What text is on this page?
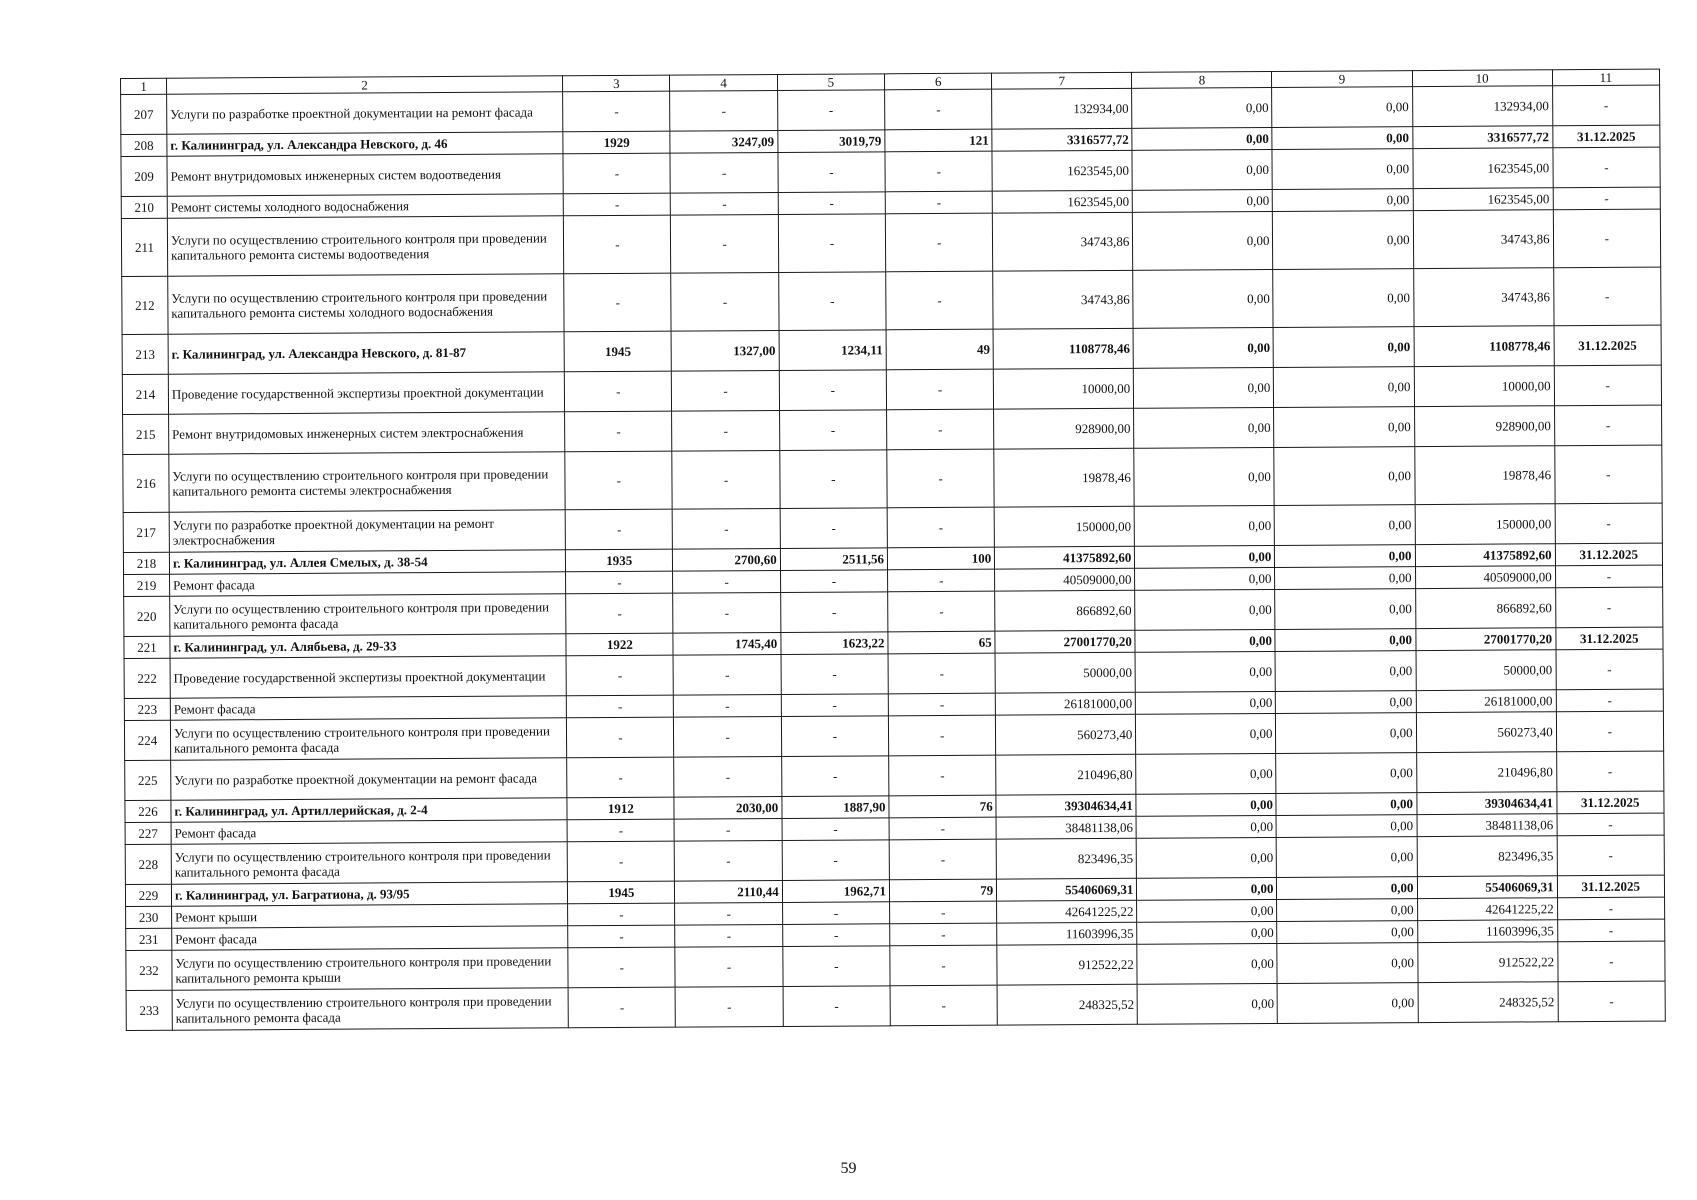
1	2	3	4	5	6	7	8	9	10	11
207	Услуги по разработке проектной документации на ремонт фасада	-	-	-	-	132934,00	0,00	0,00	132934,00	-
208	г. Калининград, ул. Александра Невского, д. 46	1929	3247,09	3019,79	121	3316577,72	0,00	0,00	3316577,72	31.12.2025
209	Ремонт внутридомовых инженерных систем водоотведения	-	-	-	-	1623545,00	0,00	0,00	1623545,00	-
210	Ремонт системы холодного водоснабжения	-	-	-	-	1623545,00	0,00	0,00	1623545,00	-
211	Услуги по осуществлению строительного контроля при проведении капитального ремонта системы водоотведения	-	-	-	-	34743,86	0,00	0,00	34743,86	-
212	Услуги по осуществлению строительного контроля при проведении капитального ремонта системы холодного водоснабжения	-	-	-	-	34743,86	0,00	0,00	34743,86	-
213	г. Калининград, ул. Александра Невского, д. 81-87	1945	1327,00	1234,11	49	1108778,46	0,00	0,00	1108778,46	31.12.2025
214	Проведение государственной экспертизы проектной документации	-	-	-	-	10000,00	0,00	0,00	10000,00	-
215	Ремонт внутридомовых инженерных систем электроснабжения	-	-	-	-	928900,00	0,00	0,00	928900,00	-
216	Услуги по осуществлению строительного контроля при проведении капитального ремонта системы электроснабжения	-	-	-	-	19878,46	0,00	0,00	19878,46	-
217	Услуги по разработке проектной документации на ремонт электроснабжения	-	-	-	-	150000,00	0,00	0,00	150000,00	-
218	г. Калининград, ул. Аллея Смелых, д. 38-54	1935	2700,60	2511,56	100	41375892,60	0,00	0,00	41375892,60	31.12.2025
219	Ремонт фасада	-	-	-	-	40509000,00	0,00	0,00	40509000,00	-
220	Услуги по осуществлению строительного контроля при проведении капитального ремонта фасада	-	-	-	-	866892,60	0,00	0,00	866892,60	-
221	г. Калининград, ул. Алябьева, д. 29-33	1922	1745,40	1623,22	65	27001770,20	0,00	0,00	27001770,20	31.12.2025
222	Проведение государственной экспертизы проектной документации	-	-	-	-	50000,00	0,00	0,00	50000,00	-
223	Ремонт фасада	-	-	-	-	26181000,00	0,00	0,00	26181000,00	-
224	Услуги по осуществлению строительного контроля при проведении капитального ремонта фасада	-	-	-	-	560273,40	0,00	0,00	560273,40	-
225	Услуги по разработке проектной документации на ремонт фасада	-	-	-	-	210496,80	0,00	0,00	210496,80	-
226	г. Калининград, ул. Артиллерийская, д. 2-4	1912	2030,00	1887,90	76	39304634,41	0,00	0,00	39304634,41	31.12.2025
227	Ремонт фасада	-	-	-	-	38481138,06	0,00	0,00	38481138,06	-
228	Услуги по осуществлению строительного контроля при проведении капитального ремонта фасада	-	-	-	-	823496,35	0,00	0,00	823496,35	-
229	г. Калининград, ул. Багратиона, д. 93/95	1945	2110,44	1962,71	79	55406069,31	0,00	0,00	55406069,31	31.12.2025
230	Ремонт крыши	-	-	-	-	42641225,22	0,00	0,00	42641225,22	-
231	Ремонт фасада	-	-	-	-	11603996,35	0,00	0,00	11603996,35	-
232	Услуги по осуществлению строительного контроля при проведении капитального ремонта крыши	-	-	-	-	912522,22	0,00	0,00	912522,22	-
233	Услуги по осуществлению строительного контроля при проведении капитального ремонта фасада	-	-	-	-	248325,52	0,00	0,00	248325,52	-
59
